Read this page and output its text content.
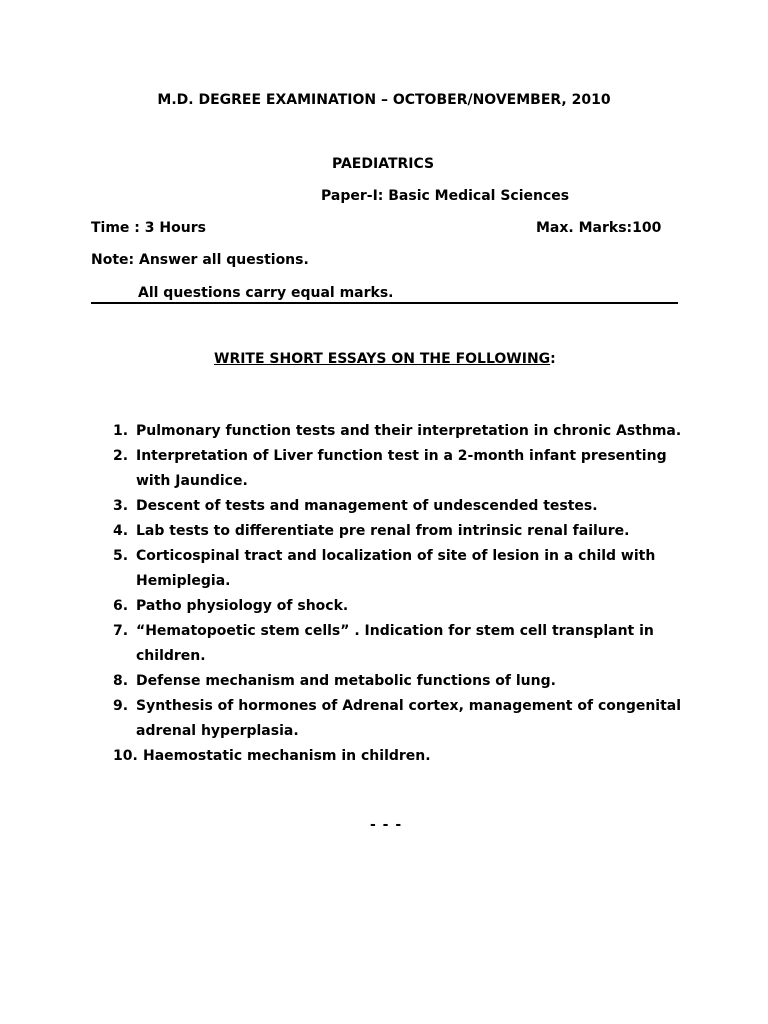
M.D. DEGREE EXAMINATION – OCTOBER/NOVEMBER, 2010
PAEDIATRICS
Paper-I: Basic Medical Sciences
Time : 3 Hours	Max. Marks:100
Note: Answer all questions.
All questions carry equal marks.
WRITE SHORT ESSAYS ON THE FOLLOWING:
1. Pulmonary function tests and their interpretation in chronic Asthma.
2. Interpretation of Liver function test in a 2-month infant presenting
with Jaundice.
3. Descent of tests and management of undescended testes.
4. Lab tests to differentiate pre renal from intrinsic renal failure.
5. Corticospinal tract and localization of site of lesion in a child with
Hemiplegia.
6. Patho physiology of shock.
7. “Hematopoetic stem cells” . Indication for stem cell transplant in
children.
8. Defense mechanism and metabolic functions of lung.
9. Synthesis of hormones of Adrenal cortex, management of congenital
adrenal hyperplasia.
10. Haemostatic mechanism in children.
- - -
